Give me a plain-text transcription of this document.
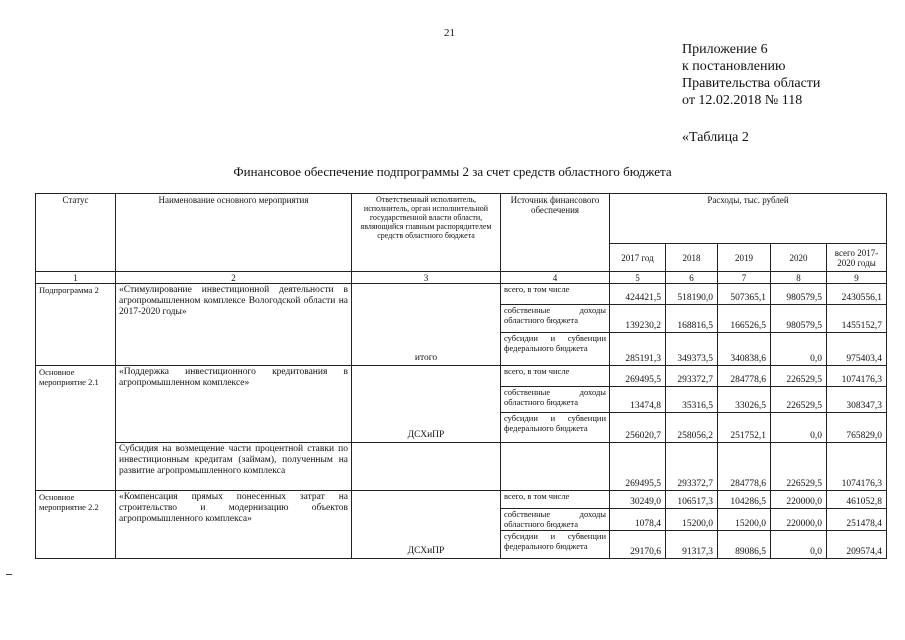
21
Приложение 6
к постановлению
Правительства области
от 12.02.2018 № 118
«Таблица 2
Финансовое обеспечение подпрограммы 2 за счет средств областного бюджета
Статус	Наименование основного мероприятия	Ответственный исполнитель, исполнитель, орган исполнительной государственной власти области, являющийся главным распорядителем средств областного бюджета	Источник финансового обеспечения	Расходы, тыс. рублей				
				2017 год	2018	2019	2020	всего 2017-2020 годы
1	2	3	4	5	6	7	8	9
Подпрограмма 2	«Стимулирование инвестиционной деятельности в агропромышленном комплексе Вологодской области на 2017-2020 годы»	итого	всего, в том числе	424421,5	518190,0	507365,1	980579,5	2430556,1
			собственные доходы областного бюджета	139230,2	168816,5	166526,5	980579,5	1455152,7
			субсидии и субвенции федерального бюджета	285191,3	349373,5	340838,6	0,0	975403,4
Основное мероприятие 2.1	«Поддержка инвестиционного кредитования в агропромышленном комплексе»	ДСХиПР	всего, в том числе	269495,5	293372,7	284778,6	226529,5	1074176,3
			собственные доходы областного бюджета	13474,8	35316,5	33026,5	226529,5	308347,3
			субсидии и субвенции федерального бюджета	256020,7	258056,2	251752,1	0,0	765829,0
	Субсидия на возмещение части процентной ставки по инвестиционным кредитам (займам), полученным на развитие агропромышленного комплекса			269495,5	293372,7	284778,6	226529,5	1074176,3
Основное мероприятие 2.2	«Компенсация прямых понесенных затрат на строительство и модернизацию объектов агропромышленного комплекса»	ДСХиПР	всего, в том числе	30249,0	106517,3	104286,5	220000,0	461052,8
			собственные доходы областного бюджета	1078,4	15200,0	15200,0	220000,0	251478,4
			субсидии и субвенции федерального бюджета	29170,6	91317,3	89086,5	0,0	209574,4
